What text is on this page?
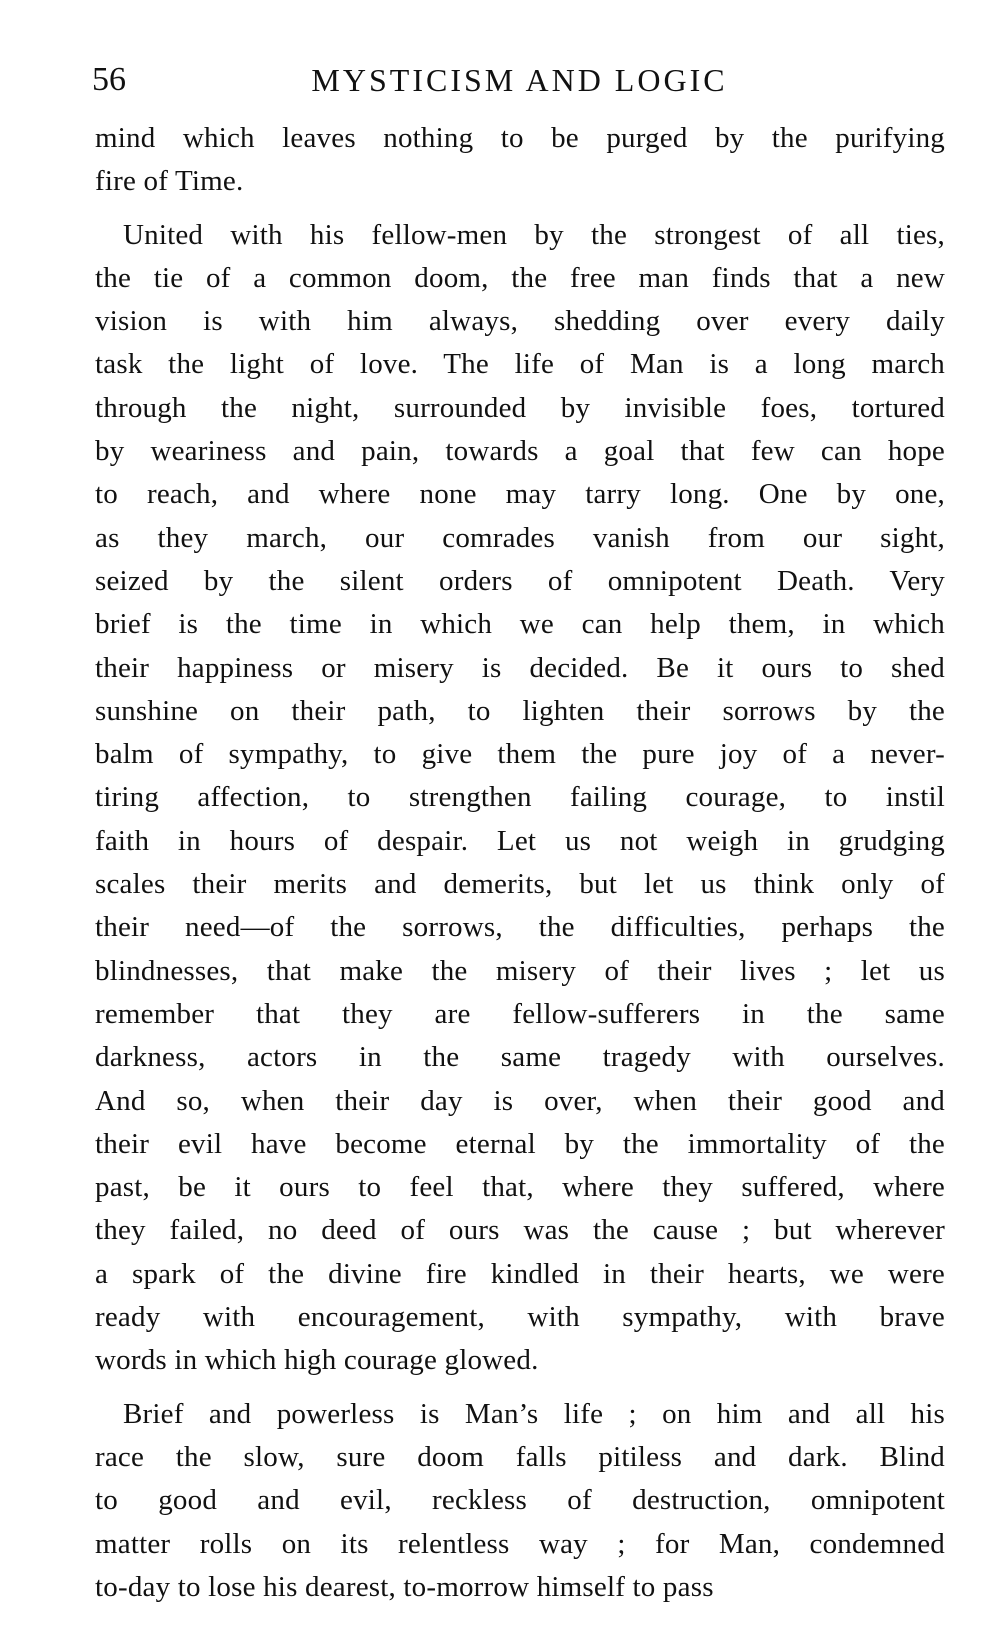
56	MYSTICISM AND LOGIC

mind which leaves nothing to be purged by the purifying
fire of Time.

United with his fellow-men by the strongest of all ties,
the tie of a common doom, the free man finds that a new
vision is with him always, shedding over every daily
task the light of love. The life of Man is a long march
through the night, surrounded by invisible foes, tortured
by weariness and pain, towards a goal that few can hope
to reach, and where none may tarry long. One by one,
as they march, our comrades vanish from our sight,
seized by the silent orders of omnipotent Death. Very
brief is the time in which we can help them, in which
their happiness or misery is decided. Be it ours to shed
sunshine on their path, to lighten their sorrows by the
balm of sympathy, to give them the pure joy of a never-
tiring affection, to strengthen failing courage, to instil
faith in hours of despair. Let us not weigh in grudging
scales their merits and demerits, but let us think only of
their need—of the sorrows, the difficulties, perhaps the
blindnesses, that make the misery of their lives ; let us
remember that they are fellow-sufferers in the same
darkness, actors in the same tragedy with ourselves.
And so, when their day is over, when their good and
their evil have become eternal by the immortality of the
past, be it ours to feel that, where they suffered, where
they failed, no deed of ours was the cause ; but wherever
a spark of the divine fire kindled in their hearts, we were
ready with encouragement, with sympathy, with brave
words in which high courage glowed.

Brief and powerless is Man’s life ; on him and all his
race the slow, sure doom falls pitiless and dark. Blind
to good and evil, reckless of destruction, omnipotent
matter rolls on its relentless way ; for Man, condemned
to-day to lose his dearest, to-morrow himself to pass
